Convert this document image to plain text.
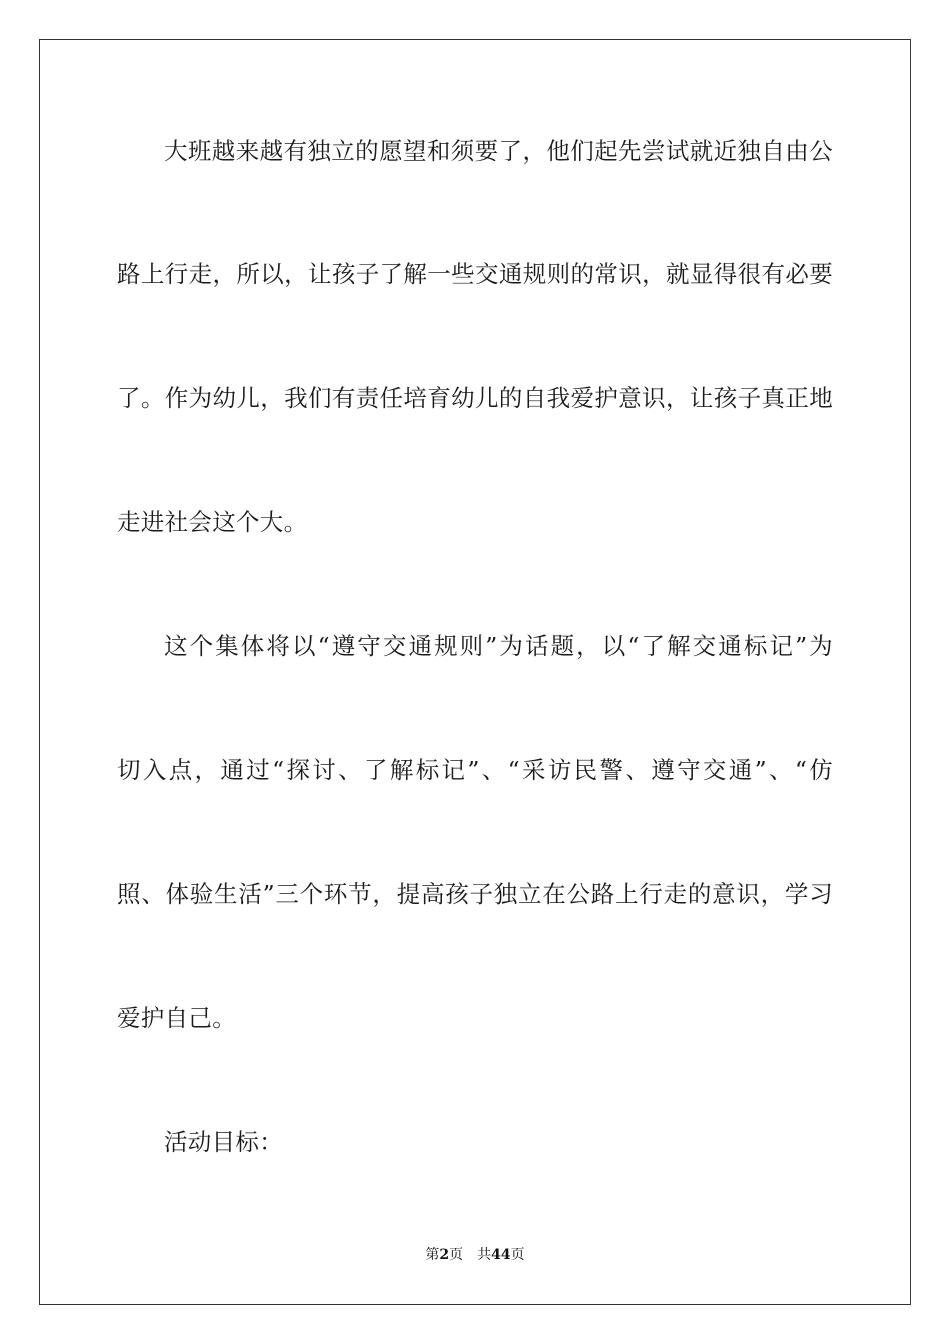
大班越来越有独立的愿望和须要了，他们起先尝试就近独自由公
路上行走，所以，让孩子了解一些交通规则的常识，就显得很有必要
了。作为幼儿，我们有责任培育幼儿的自我爱护意识，让孩子真正地
走进社会这个大。
这个集体将以“遵守交通规则”为话题，以“了解交通标记”为
切入点，通过“探讨、了解标记”、“采访民警、遵守交通”、“仿
照、体验生活”三个环节，提高孩子独立在公路上行走的意识，学习
爱护自己。
活动目标：
第2页 共44页
